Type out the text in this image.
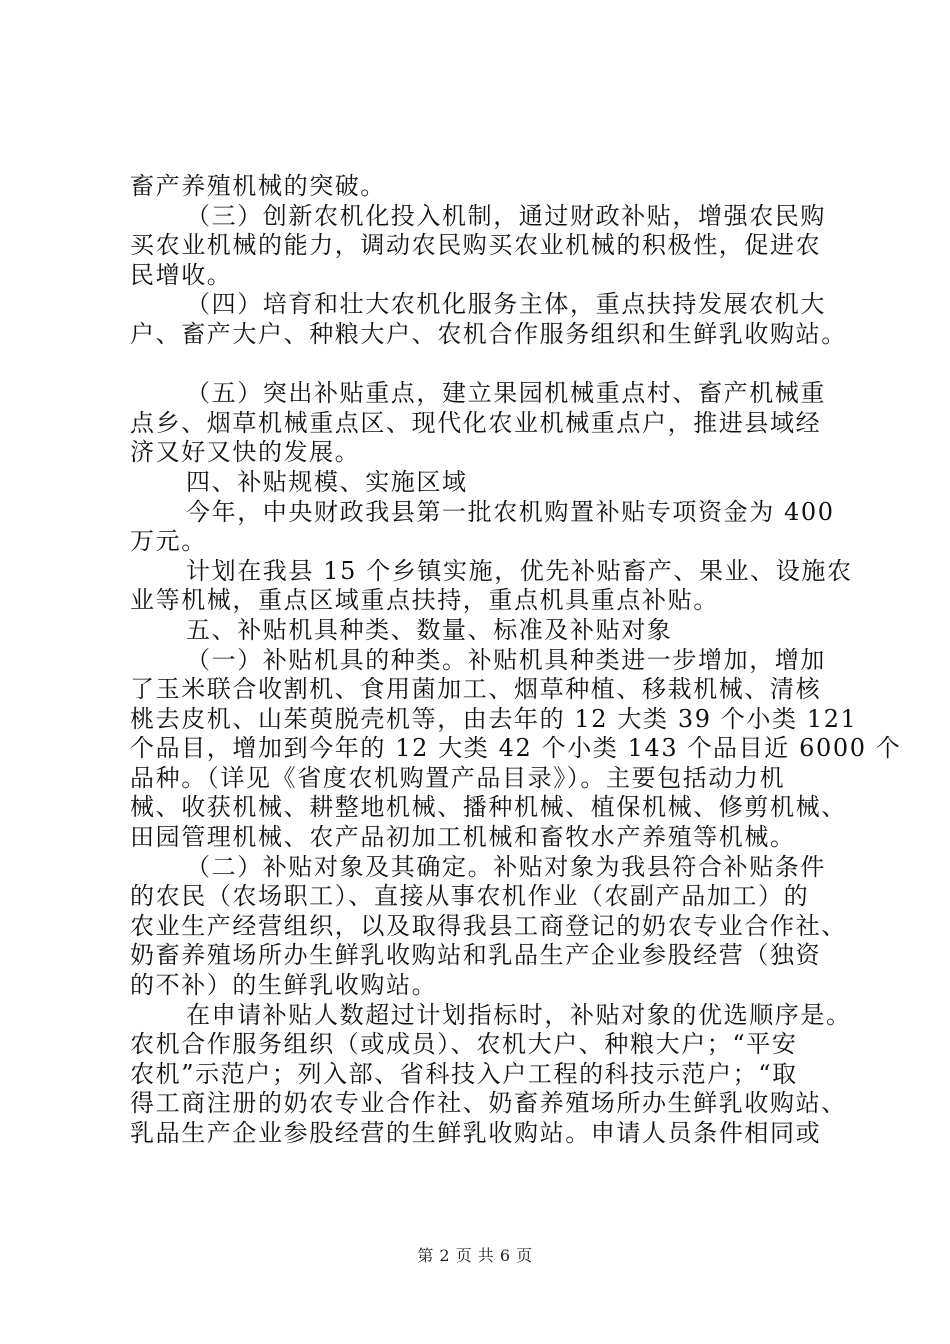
畜产养殖机械的突破。
（三）创新农机化投入机制，通过财政补贴，增强农民购
买农业机械的能力，调动农民购买农业机械的积极性，促进农
民增收。
（四）培育和壮大农机化服务主体，重点扶持发展农机大
户、畜产大户、种粮大户、农机合作服务组织和生鲜乳收购站。
（五）突出补贴重点，建立果园机械重点村、畜产机械重
点乡、烟草机械重点区、现代化农业机械重点户，推进县域经
济又好又快的发展。
四、补贴规模、实施区域
今年，中央财政我县第一批农机购置补贴专项资金为 400
万元。
计划在我县 15 个乡镇实施，优先补贴畜产、果业、设施农
业等机械，重点区域重点扶持，重点机具重点补贴。
五、补贴机具种类、数量、标准及补贴对象
（一）补贴机具的种类。补贴机具种类进一步增加，增加
了玉米联合收割机、食用菌加工、烟草种植、移栽机械、清核
桃去皮机、山茱萸脱壳机等，由去年的 12 大类 39 个小类 121
个品目，增加到今年的 12 大类 42 个小类 143 个品目近 6000 个
品种。（详见《省度农机购置产品目录》）。主要包括动力机
械、收获机械、耕整地机械、播种机械、植保机械、修剪机械、
田园管理机械、农产品初加工机械和畜牧水产养殖等机械。
（二）补贴对象及其确定。补贴对象为我县符合补贴条件
的农民（农场职工）、直接从事农机作业（农副产品加工）的
农业生产经营组织，以及取得我县工商登记的奶农专业合作社、
奶畜养殖场所办生鲜乳收购站和乳品生产企业参股经营（独资
的不补）的生鲜乳收购站。
在申请补贴人数超过计划指标时，补贴对象的优选顺序是。
农机合作服务组织（或成员）、农机大户、种粮大户；“平安
农机”示范户；列入部、省科技入户工程的科技示范户；“取
得工商注册的奶农专业合作社、奶畜养殖场所办生鲜乳收购站、
乳品生产企业参股经营的生鲜乳收购站。申请人员条件相同或
第 2 页 共 6 页
